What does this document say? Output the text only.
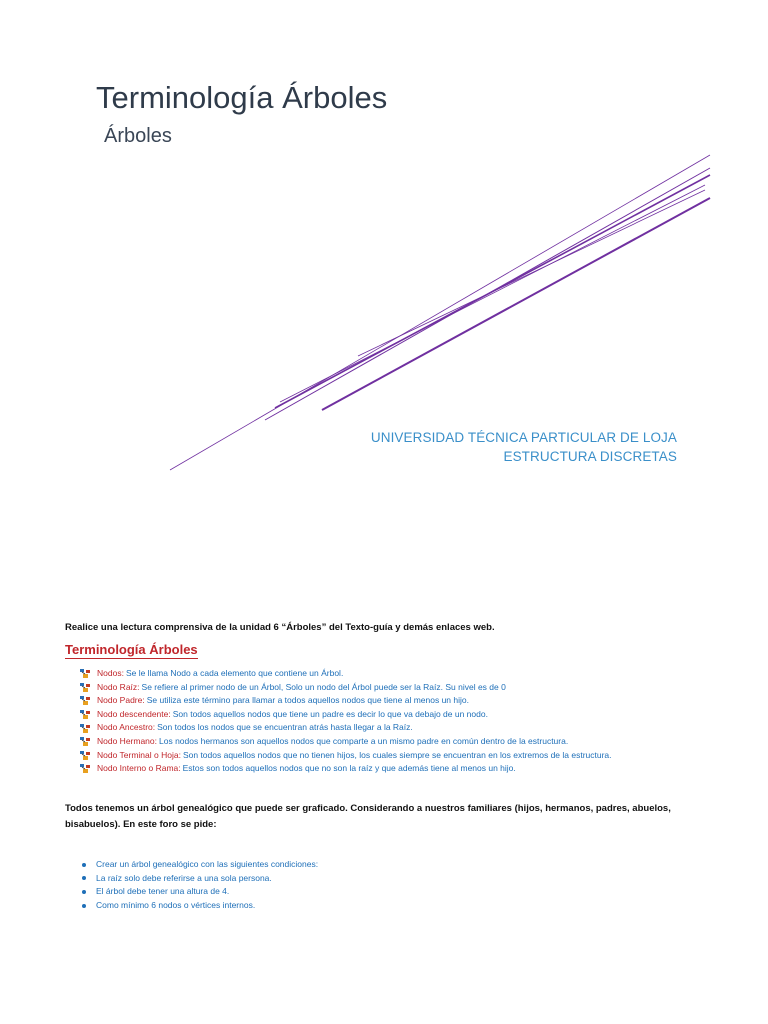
Terminología Árboles
Árboles
UNIVERSIDAD TÉCNICA PARTICULAR DE LOJA
ESTRUCTURA DISCRETAS
Realice una lectura comprensiva de la unidad 6 “Árboles” del Texto-guía y demás enlaces web.
Terminología Árboles
Nodos: Se le llama Nodo a cada elemento que contiene un Árbol.
Nodo Raíz: Se refiere al primer nodo de un Árbol, Solo un nodo del Árbol puede ser la Raíz. Su nivel es de 0
Nodo Padre: Se utiliza este término para llamar a todos aquellos nodos que tiene al menos un hijo.
Nodo descendente: Son todos aquellos nodos que tiene un padre es decir lo que va debajo de un nodo.
Nodo Ancestro: Son todos los nodos que se encuentran atrás hasta llegar a la Raíz.
Nodo Hermano: Los nodos hermanos son aquellos nodos que comparte a un mismo padre en común dentro de la estructura.
Nodo Terminal o Hoja: Son todos aquellos nodos que no tienen hijos, los cuales siempre se encuentran en los extremos de la estructura.
Nodo Interno o Rama: Estos son todos aquellos nodos que no son la raíz y que además tiene al menos un hijo.
Todos tenemos un árbol genealógico que puede ser graficado. Considerando a nuestros familiares (hijos, hermanos, padres, abuelos, bisabuelos). En este foro se pide:
Crear un árbol genealógico con las siguientes condiciones:
La raíz solo debe referirse a una sola persona.
El árbol debe tener una altura de 4.
Como mínimo 6 nodos o vértices internos.
